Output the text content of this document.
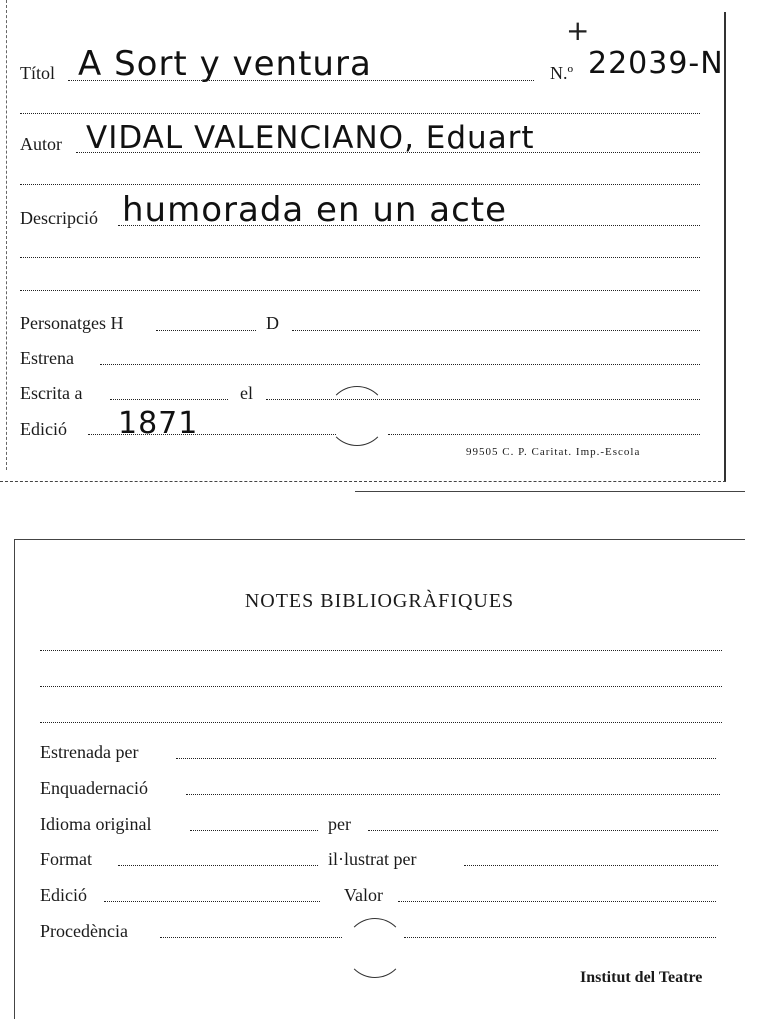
+
Títol A Sort y ventura	N.º 22039-N
Autor VIDAL VALENCIANO, Eduart
Descripció humorada en un acte
Personatges H	D
Estrena
Escrita a	el
Edició 1871
99505 C. P. Caritat. Imp.-Escola
NOTES BIBLIOGRÀFIQUES
Estrenada per
Enquadernació
Idioma original	per
Format	il·lustrat per
Edició	Valor
Procedència
Institut del Teatre
